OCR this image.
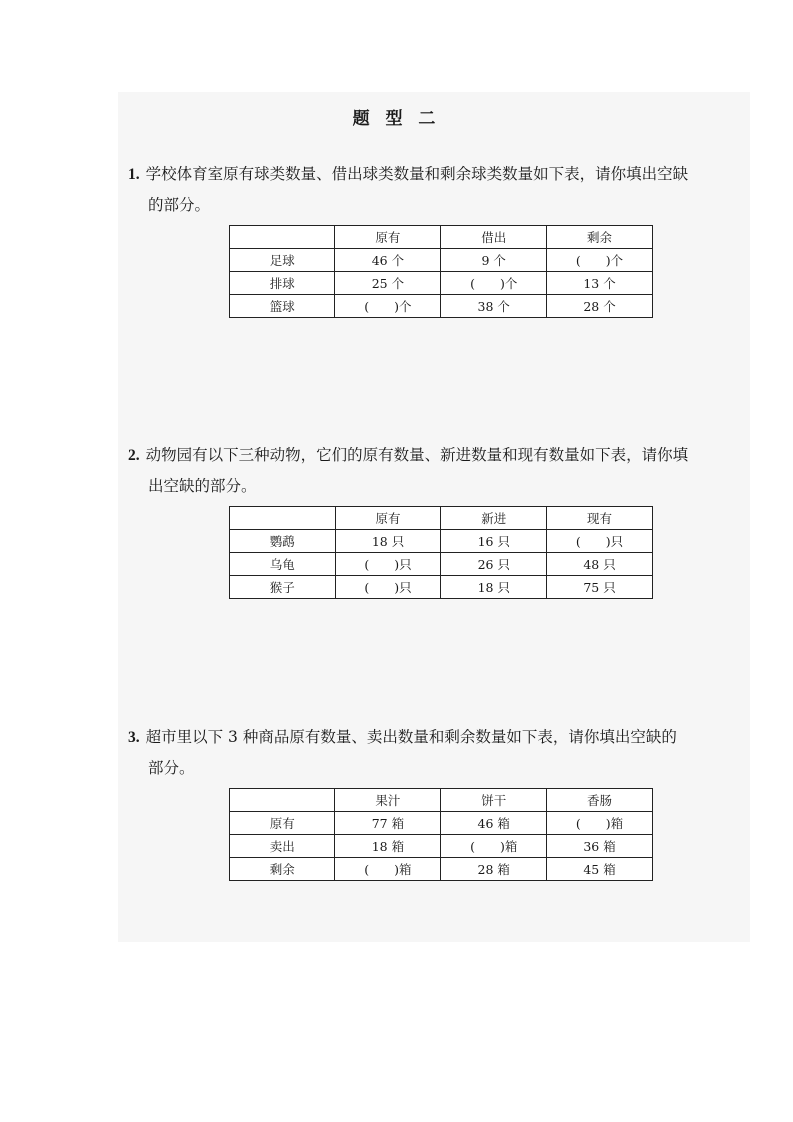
题 型 二
1. 学校体育室原有球类数量、借出球类数量和剩余球类数量如下表，请你填出空缺
的部分。
	原有	借出	剩余
足球	46 个	9 个	(　　)个
排球	25 个	(　　)个	13 个
篮球	(　　)个	38 个	28 个
2. 动物园有以下三种动物，它们的原有数量、新进数量和现有数量如下表，请你填
出空缺的部分。
	原有	新进	现有
鹦鹉	18 只	16 只	(　　)只
乌龟	(　　)只	26 只	48 只
猴子	(　　)只	18 只	75 只
3. 超市里以下 3 种商品原有数量、卖出数量和剩余数量如下表，请你填出空缺的
部分。
	果汁	饼干	香肠
原有	77 箱	46 箱	(　　)箱
卖出	18 箱	(　　)箱	36 箱
剩余	(　　)箱	28 箱	45 箱
